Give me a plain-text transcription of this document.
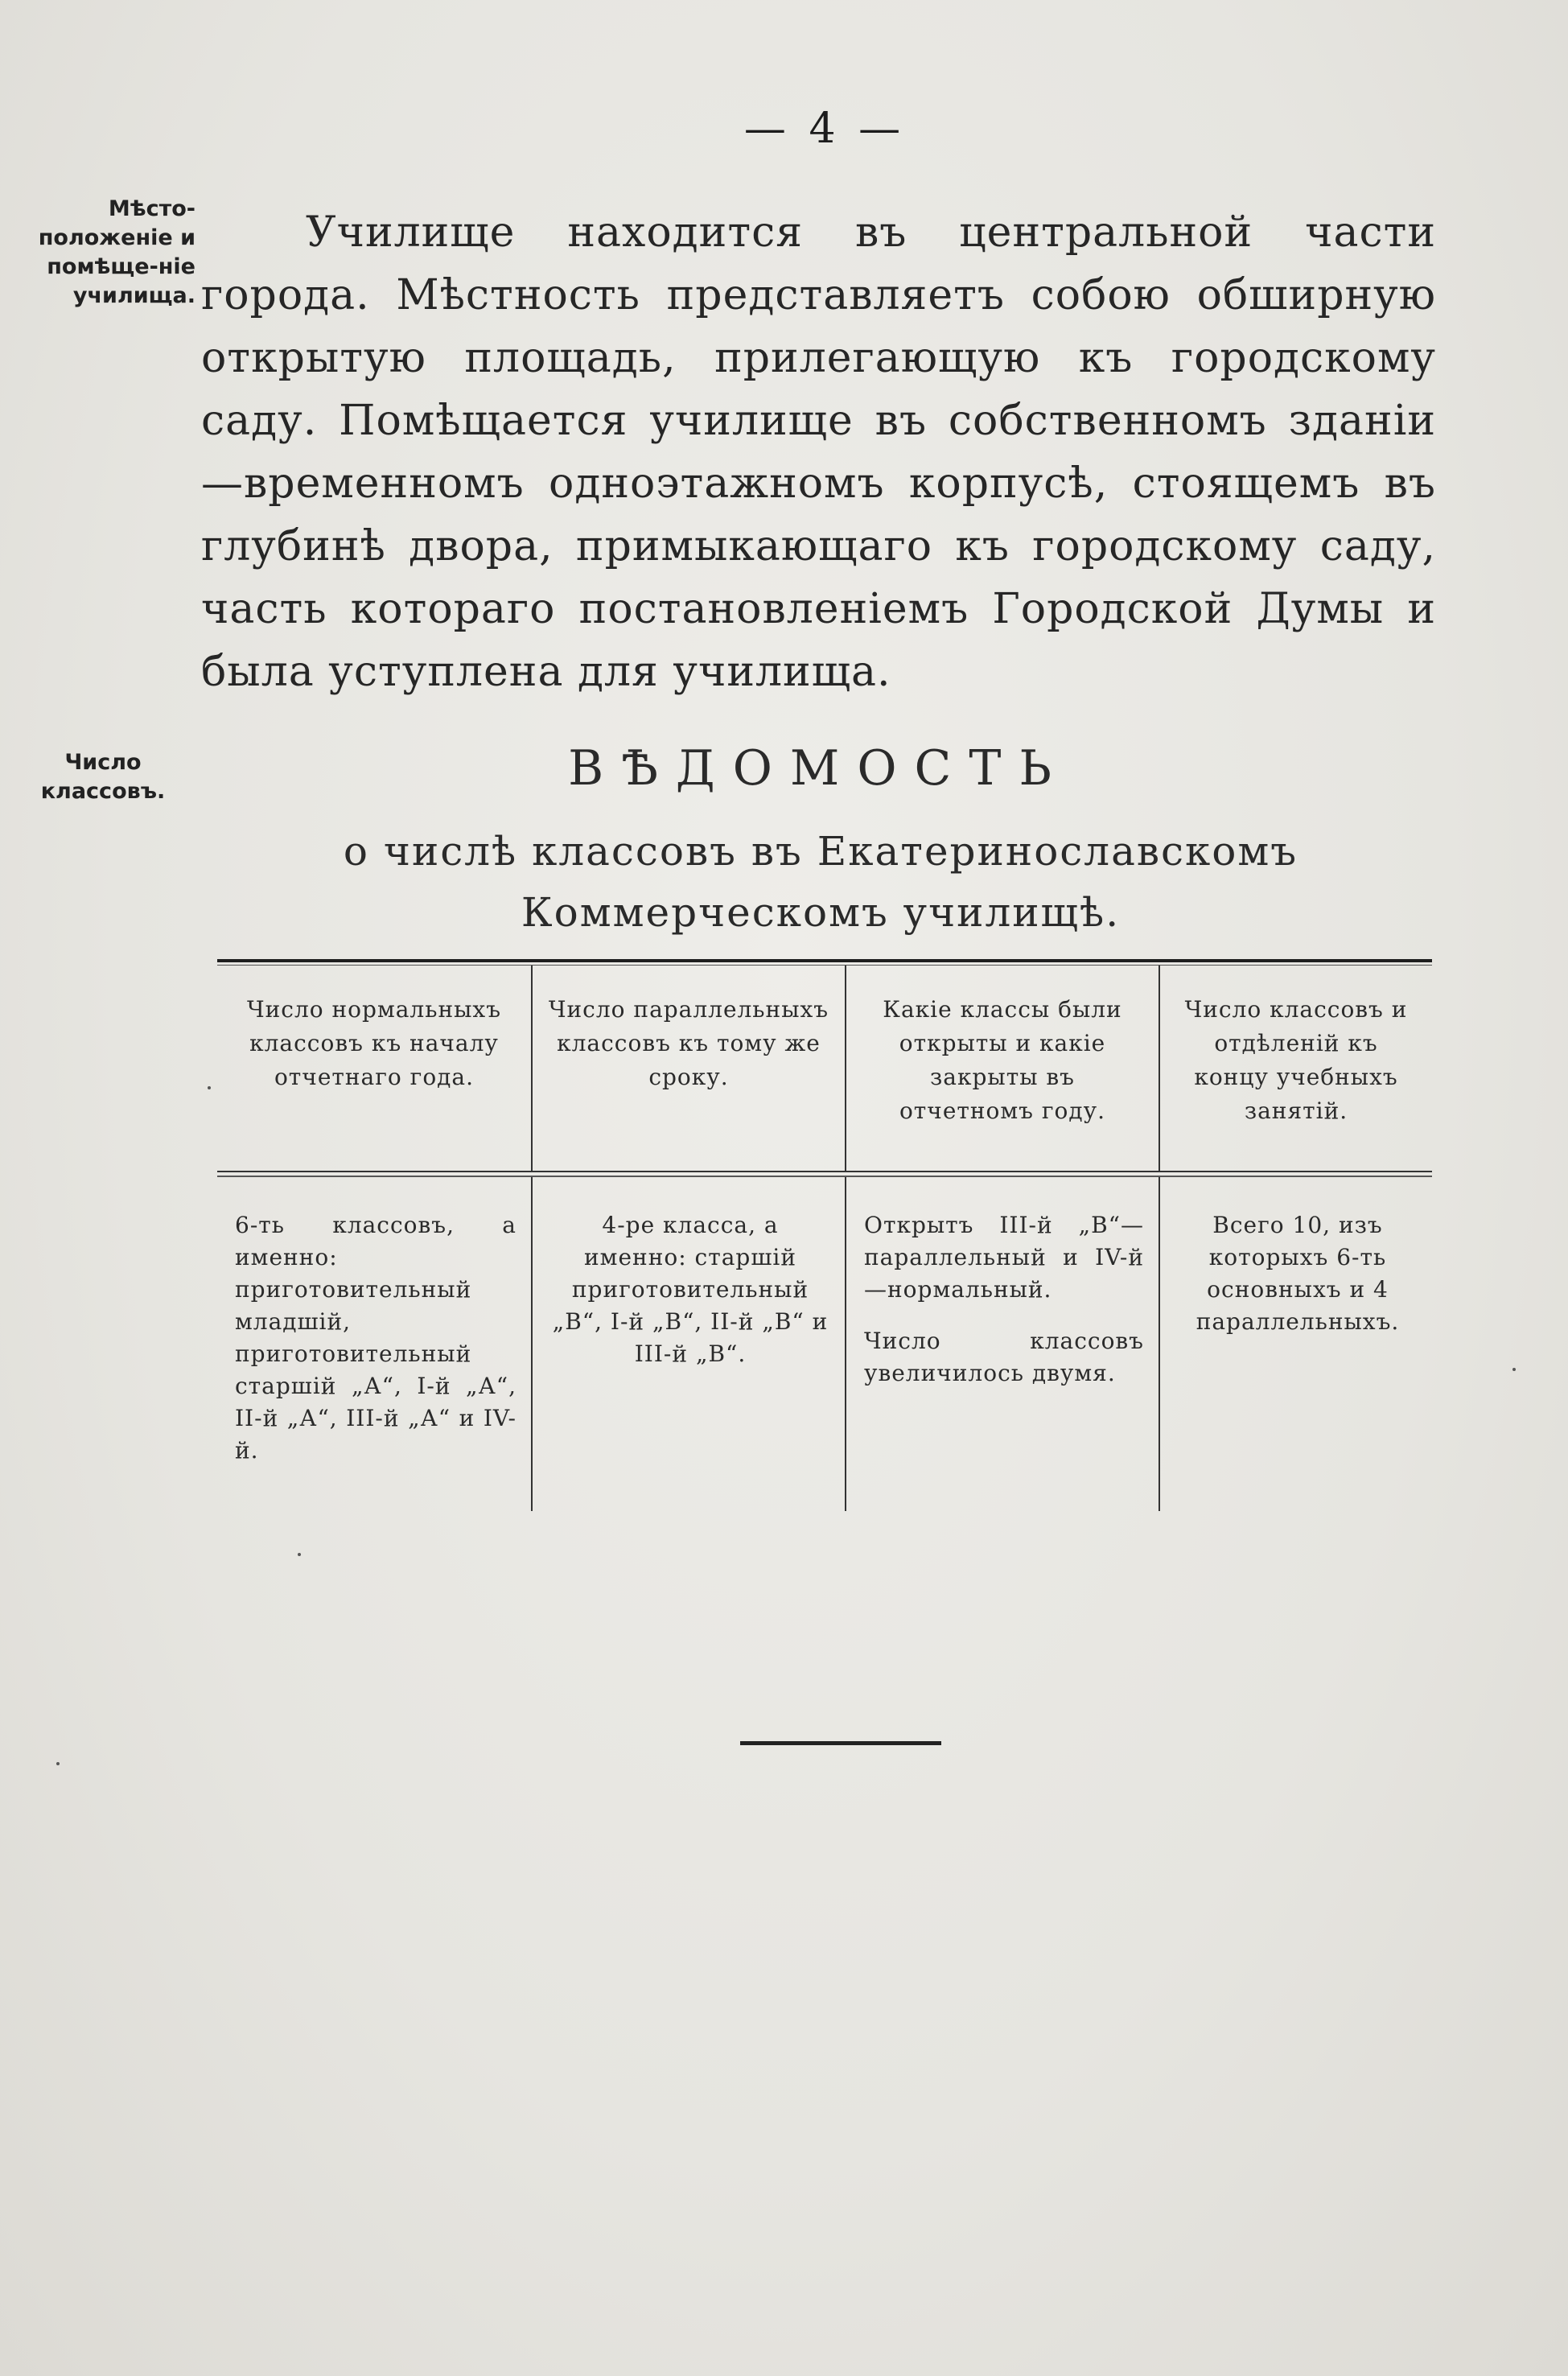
— 4 —
Мѣсто-положеніе и помѣще-ніе училища.
Училище находится въ центральной части города. Мѣстность представляетъ собою обширную открытую площадь, прилегающую къ городскому саду. Помѣщается училище въ собственномъ зданіи—временномъ одноэтажномъ корпусѣ, стоящемъ въ глубинѣ двора, примыкающаго къ городскому саду, часть котораго постановленіемъ Городской Думы и была уступлена для училища.
Число классовъ.	ВѢДОМОСТЬ
о числѣ классовъ въ Екатеринославскомъ Коммерческомъ училищѣ.
Число нормальныхъ классовъ къ началу отчетнаго года.
Число параллельныхъ классовъ къ тому же сроку.
Какіе классы были открыты и какіе закрыты въ отчетномъ году.
Число классовъ и отдѣленій къ концу учебныхъ занятій.
6-ть классовъ, а именно: приготовительный младшій, приготовительный старшій „А“, І-й „А“, ІІ-й „А“, ІІІ-й „А“ и IV-й.
4-ре класса, а именно: старшій приготовительный „В“, І-й „В“, ІІ-й „В“ и ІІІ-й „В“.

Открытъ ІІІ-й „В“— параллельный и IV-й—нормальный.

Число классовъ увеличилось двумя.

Всего 10, изъ которыхъ 6-ть основныхъ и 4 параллельныхъ.
